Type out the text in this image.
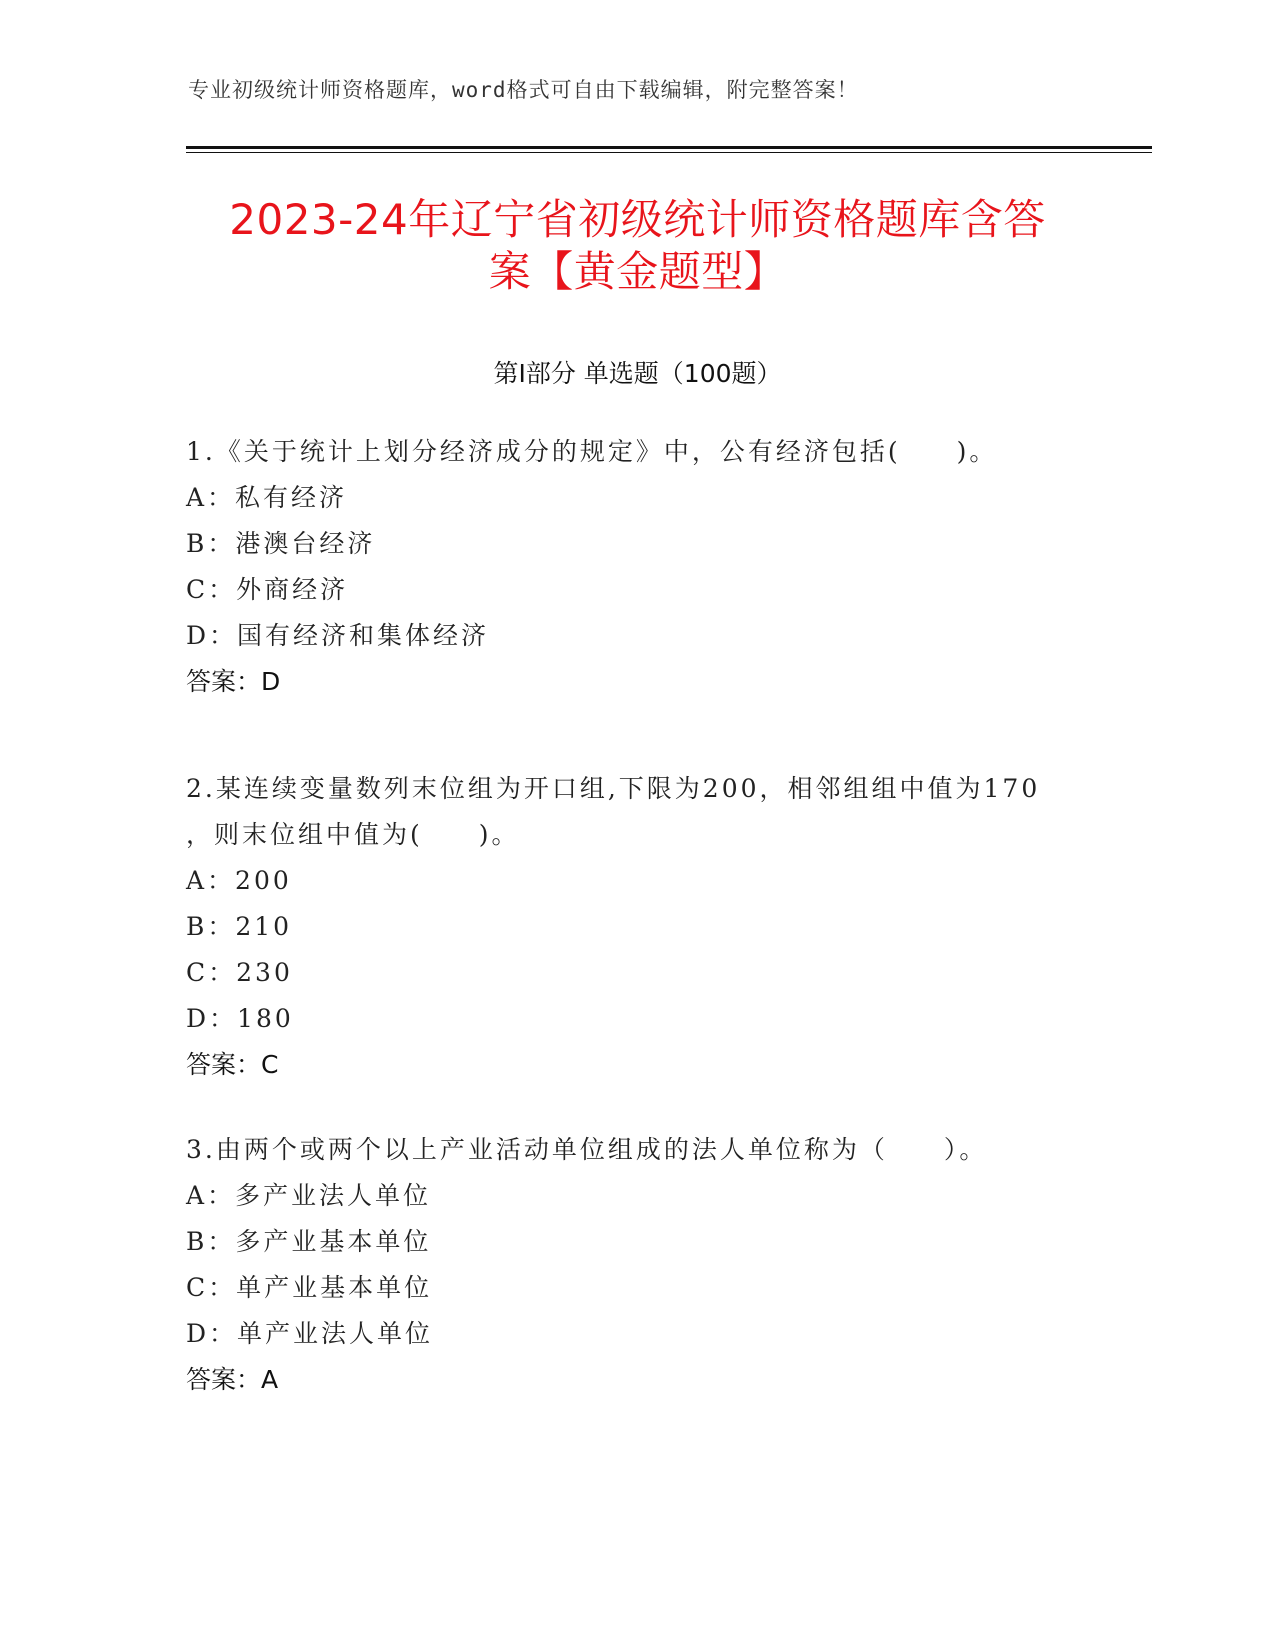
专业初级统计师资格题库，word格式可自由下载编辑，附完整答案！
2023-24年辽宁省初级统计师资格题库含答
案【黄金题型】
第Ⅰ部分 单选题（100题）
1.《关于统计上划分经济成分的规定》中，公有经济包括(　　)。
A：私有经济
B：港澳台经济
C：外商经济
D：国有经济和集体经济
答案：D
2.某连续变量数列末位组为开口组,下限为200，相邻组组中值为170
，则末位组中值为(　　)。
A：200
B：210
C：230
D：180
答案：C
3.由两个或两个以上产业活动单位组成的法人单位称为（　　）。
A：多产业法人单位
B：多产业基本单位
C：单产业基本单位
D：单产业法人单位
答案：A
